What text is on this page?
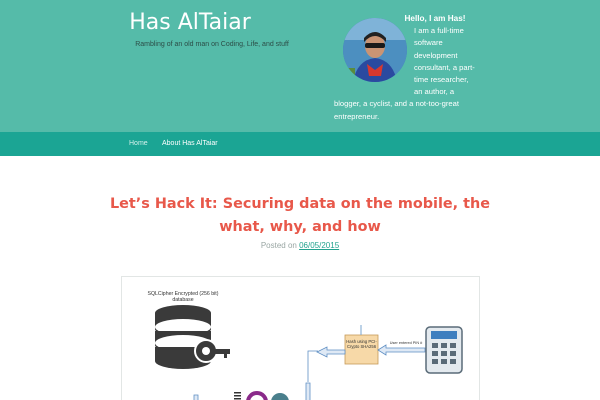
Has AlTaiar
Rambling of an old man on Coding, Life, and stuff
Hello, I am Has!
I am a full-time
software
development
consultant, a part-
time researcher,
an author, a
blogger, a cyclist, and a not-too-great
entrepreneur.
Home About Has AlTaiar
Let’s Hack It: Securing data on the mobile, the what, why, and how
Posted on 06/05/2015
SQLCipher Encrypted (256 bit) database
Hash using PCI-Crypto SHA256
User entered PIN #
